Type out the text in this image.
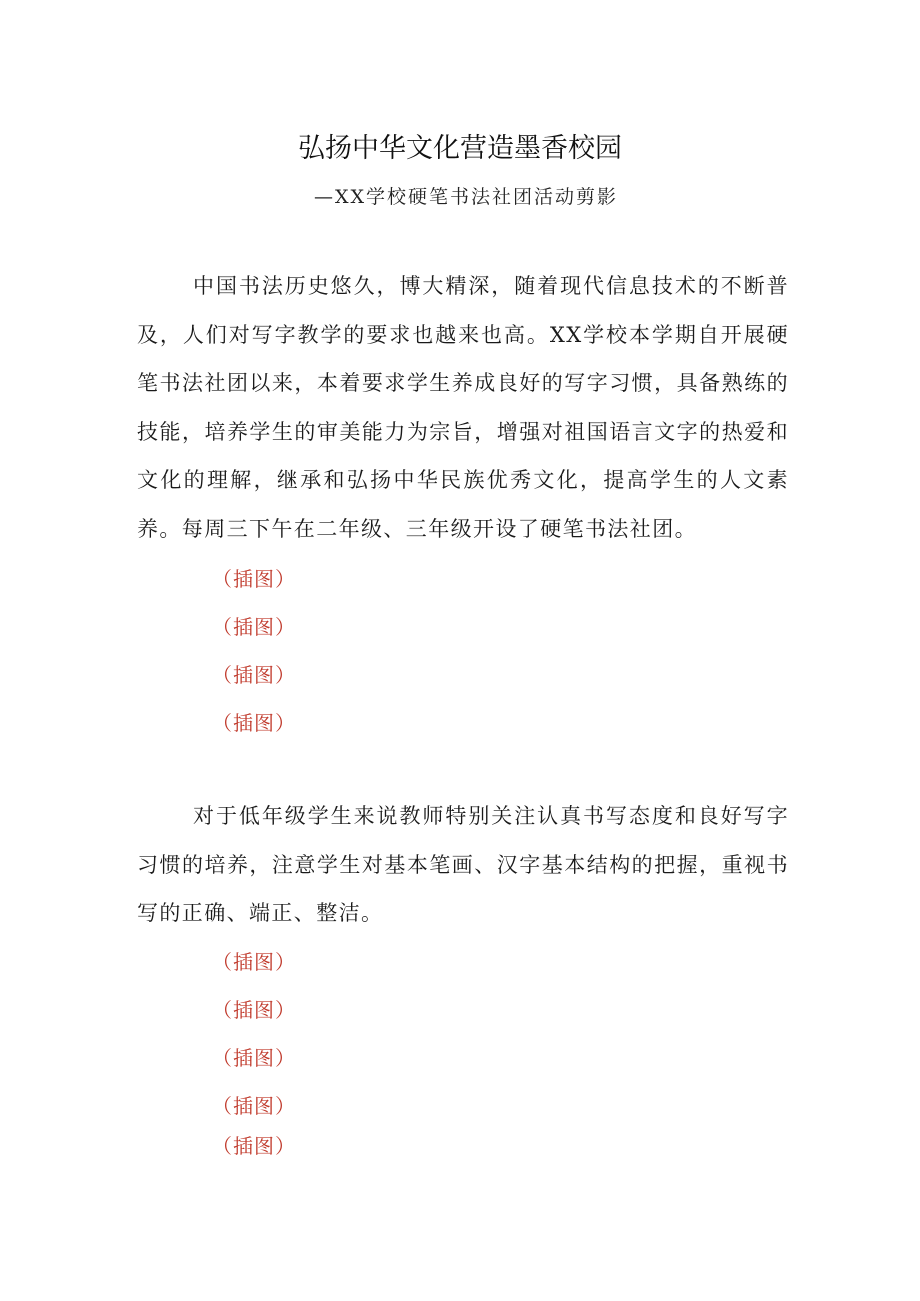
弘扬中华文化营造墨香校园
—XX学校硬笔书法社团活动剪影

中国书法历史悠久，博大精深，随着现代信息技术的不断普及，人们对写字教学的要求也越来也高。XX学校本学期自开展硬笔书法社团以来，本着要求学生养成良好的写字习惯，具备熟练的技能，培养学生的审美能力为宗旨，增强对祖国语言文字的热爱和文化的理解，继承和弘扬中华民族优秀文化，提高学生的人文素养。每周三下午在二年级、三年级开设了硬笔书法社团。

（插图）
（插图）
（插图）
（插图）

对于低年级学生来说教师特别关注认真书写态度和良好写字习惯的培养，注意学生对基本笔画、汉字基本结构的把握，重视书写的正确、端正、整洁。

（插图）
（插图）
（插图）
（插图）
（插图）
